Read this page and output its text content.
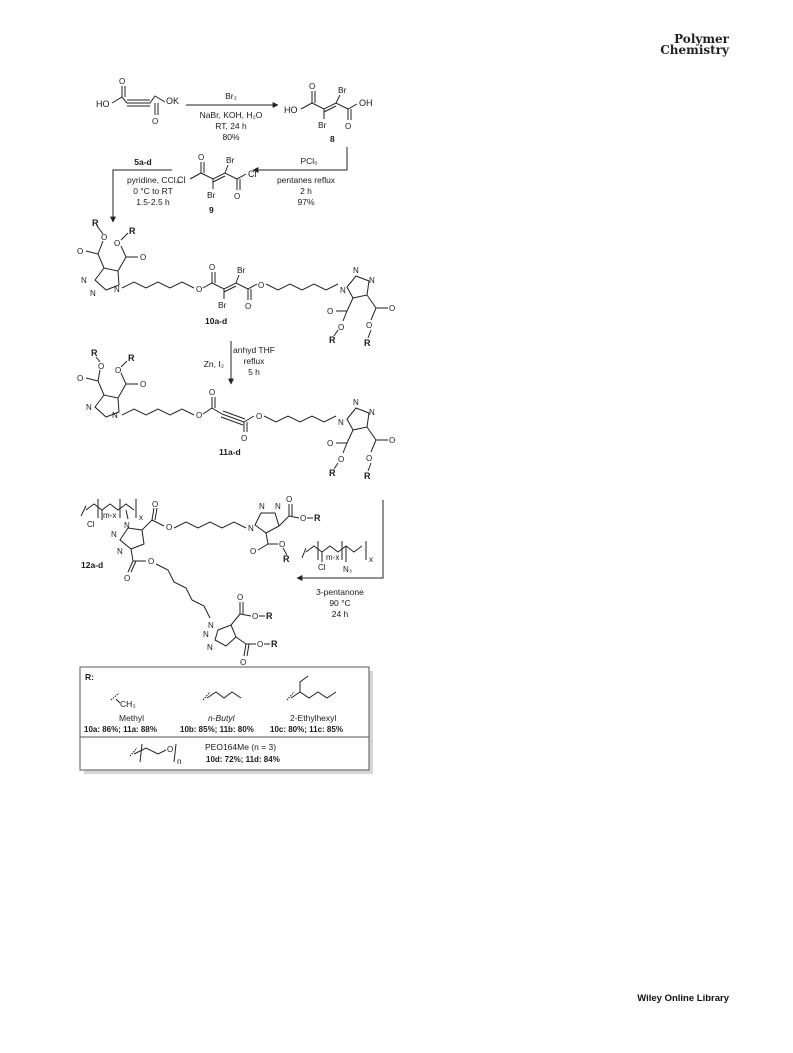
Polymer
Chemistry
HO
O
O
OK	Br₂
NaBr, KOH, H₂O
RT, 24 h
80%
HO
O	Br
Br O
OH
8
PCl₅
pentanes reflux
2 h
97%
Cl
O	Br
Br O
Cl
9
5a-d
pyridine, CCl₄
0 °C to RT
1.5-2.5 h
N
N N
O
O
R
O
O
R
O
O	Br
Br O
O
N
N
N
O
O
R
O
O
R
10a-d
Zn, I₂
anhyd THF
reflux
5 h
N
N
O
O
R
O
O
R
O
O
O
O
N
N
N
O
O
R
O
O
R
11a-d
Cl
m-x
N₃
x
3-pentanone
90 °C
24 h
Cl
m-x	x
N
N
N
O
O	N
N N
O
O R
O
O
R
O
O
N
N
N
O
O R
O
O R
12a-d
R:
CH₃
Methyl
10a: 86%; 11a: 88%
n-Butyl
10b: 85%; 11b: 80%
2-Ethylhexyl
10c: 80%; 11c: 85%
O
n
PEO164Me (n = 3)
10d: 72%; 11d: 84%
Wiley Online Library
